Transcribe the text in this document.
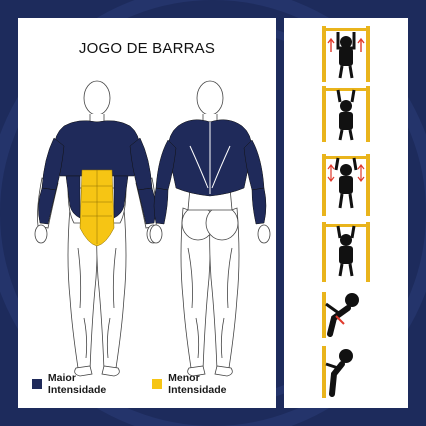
JOGO DE BARRAS
Maior Intensidade
Menor Intensidade
